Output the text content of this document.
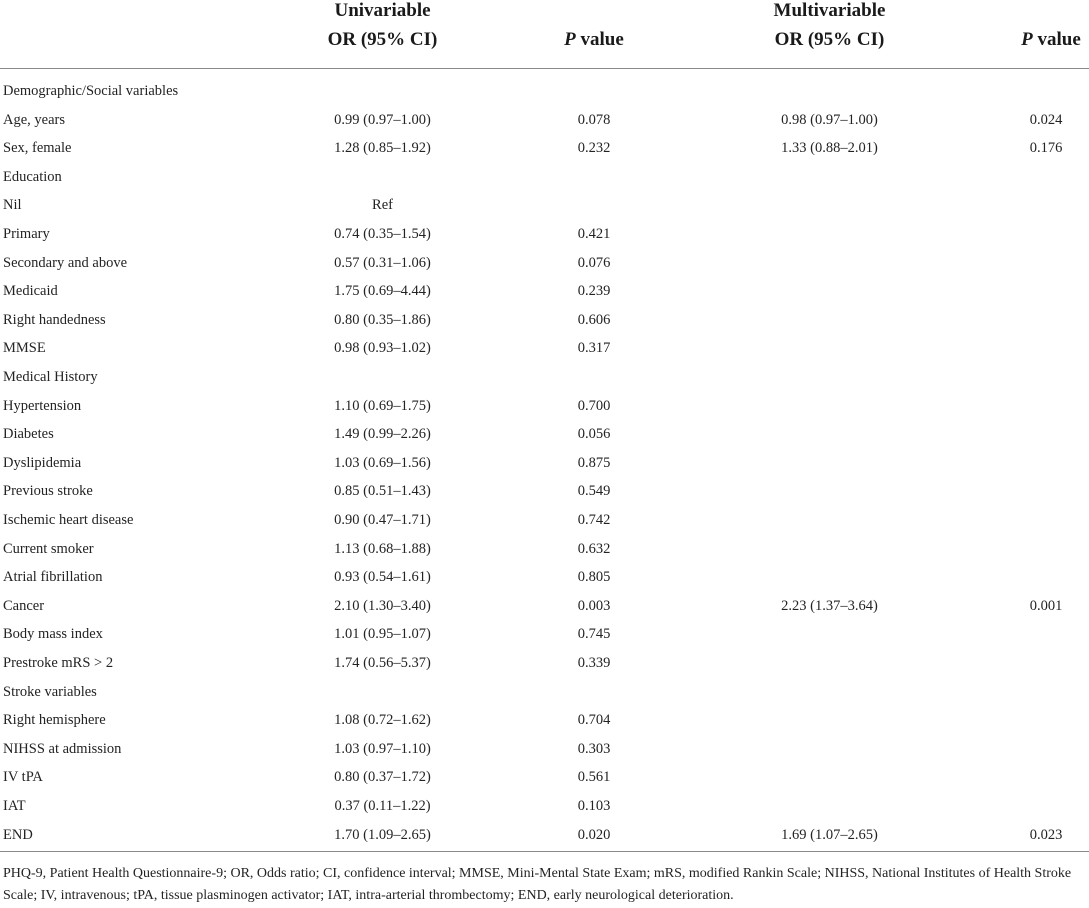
Univariable
OR (95% CI)	P value
Multivariable
OR (95% CI)	P value
Demographic/Social variables
Age, years	0.99 (0.97–1.00)	0.078	0.98 (0.97–1.00)	0.024
Sex, female	1.28 (0.85–1.92)	0.232	1.33 (0.88–2.01)	0.176
Education
Nil	Ref
Primary	0.74 (0.35–1.54)	0.421
Secondary and above	0.57 (0.31–1.06)	0.076
Medicaid	1.75 (0.69–4.44)	0.239
Right handedness	0.80 (0.35–1.86)	0.606
MMSE	0.98 (0.93–1.02)	0.317
Medical History
Hypertension	1.10 (0.69–1.75)	0.700
Diabetes	1.49 (0.99–2.26)	0.056
Dyslipidemia	1.03 (0.69–1.56)	0.875
Previous stroke	0.85 (0.51–1.43)	0.549
Ischemic heart disease	0.90 (0.47–1.71)	0.742
Current smoker	1.13 (0.68–1.88)	0.632
Atrial fibrillation	0.93 (0.54–1.61)	0.805
Cancer	2.10 (1.30–3.40)	0.003	2.23 (1.37–3.64)	0.001
Body mass index	1.01 (0.95–1.07)	0.745
Prestroke mRS > 2	1.74 (0.56–5.37)	0.339
Stroke variables
Right hemisphere	1.08 (0.72–1.62)	0.704
NIHSS at admission	1.03 (0.97–1.10)	0.303
IV tPA	0.80 (0.37–1.72)	0.561
IAT	0.37 (0.11–1.22)	0.103
END	1.70 (1.09–2.65)	0.020	1.69 (1.07–2.65)	0.023
PHQ-9, Patient Health Questionnaire-9; OR, Odds ratio; CI, confidence interval; MMSE, Mini-Mental State Exam; mRS, modified Rankin Scale; NIHSS, National Institutes of Health Stroke Scale; IV, intravenous; tPA, tissue plasminogen activator; IAT, intra-arterial thrombectomy; END, early neurological deterioration.
